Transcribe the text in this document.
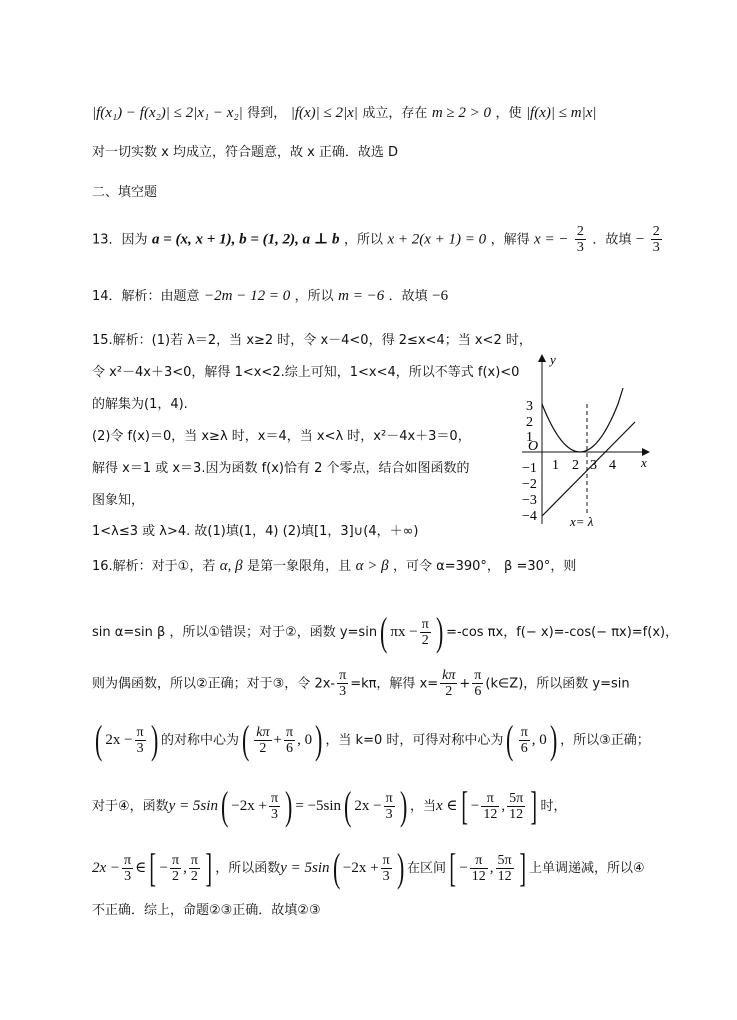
|f(x₁) − f(x₂)| ≤ 2|x₁ − x₂| 得到， |f(x)| ≤ 2|x| 成立，存在 m ≥ 2 > 0 ，使 |f(x)| ≤ m|x|
对一切实数 x 均成立，符合题意，故 x 正确．故选 D
二、填空题
13．因为 a = (x, x + 1), b = (1, 2), a ⊥ b ，所以 x + 2(x + 1) = 0 ，解得 x = − $\frac{2}{3}$ ．故填 − $\frac{2}{3}$
14．解析：由题意 −2m − 12 = 0 ，所以 m = −6 ．故填 −6
15.解析：(1)若 λ＝2，当 x≥2 时，令 x－4<0，得 2≤x<4；当 x<2 时，
令 x²－4x＋3<0，解得 1<x<2.综上可知，1<x<4，所以不等式 f(x)<0
的解集为(1，4).
(2)令 f(x)＝0，当 x≥λ 时，x＝4，当 x<λ 时，x²－4x＋3＝0，
解得 x＝1 或 x＝3.因为函数 f(x)恰有 2 个零点，结合如图函数的
图象知，
1<λ≤3 或 λ>4. 故(1)填(1，4) (2)填[1，3]∪(4，＋∞)
y
x
O
3
2
1
−1
−2
−3
−4
1 2 3 4
x= λ
16.解析：对于①，若 α, β 是第一象限角，且 α > β ，可令 α=390°， β =30°，则
sin α=sin β ，所以①错误；对于②，函数 y=sin( $\pi x - \frac{\pi}{2}$ ) =-cos πx，f(− x)=-cos(− πx)=f(x)，
则为偶函数，所以②正确；对于③，令 $2x- \frac{\pi}{3} =k\pi$，解得 $x= \frac{k\pi}{2} + \frac{\pi}{6}$ (k∈Z)，所以函数 y=sin
( $2x - \frac{\pi}{3}$ ) 的对称中心为( $\frac{k\pi}{2} + \frac{\pi}{6}$ , 0) ，当 k=0 时，可得对称中心为( $\frac{\pi}{6}$ , 0) ，所以③正确；
对于④，函数$y = 5\sin( -2x + \frac{\pi}{3}$ ) = −5sin( $2x - \frac{\pi}{3}$ ) ，当x ∈[ − $\frac{\pi}{12}$ , $\frac{5\pi}{12}$ ] 时，
$2x - \frac{\pi}{3}$ ∈[ − $\frac{\pi}{2}$ , $\frac{\pi}{2}$ ] ，所以函数$y = 5\sin( -2x + \frac{\pi}{3}$ ) 在区间[ − $\frac{\pi}{12}$ , $\frac{5\pi}{12}$ ] 上单调递减，所以④
不正确．综上，命题②③正确．故填②③
